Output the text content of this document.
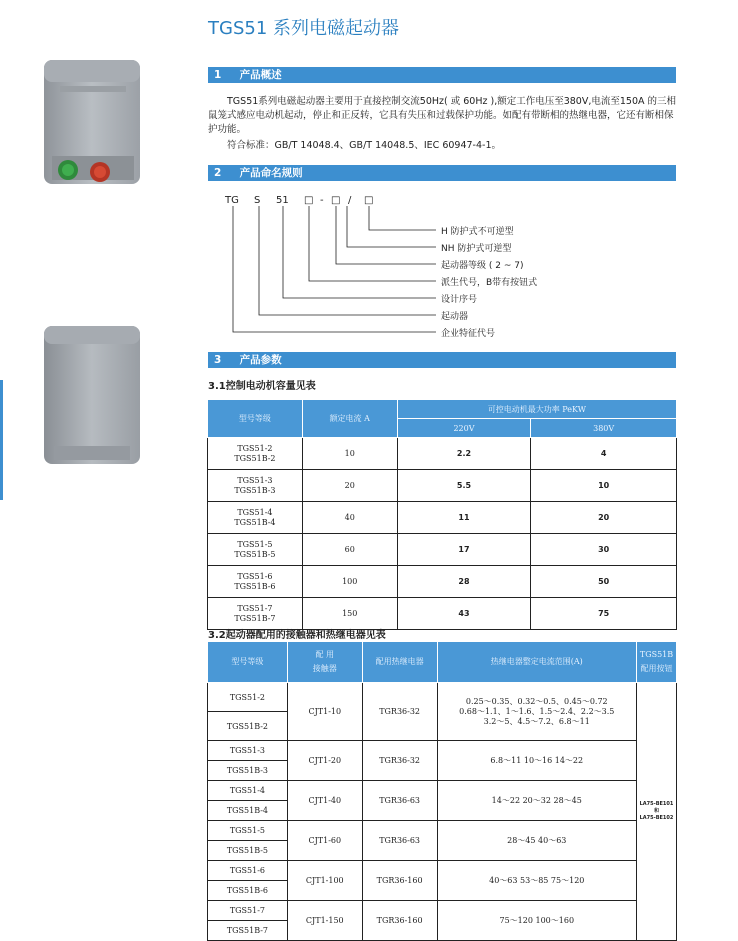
TGS51 系列电磁起动器
1 产品概述
TGS51系列电磁起动器主要用于直接控制交流50Hz( 或 60Hz ),额定工作电压至380V,电流至150A 的三相鼠笼式感应电动机起动，停止和正反转，它具有失压和过载保护功能。如配有带断相的热继电器，它还有断相保护功能。
符合标准：GB/T 14048.4、GB/T 14048.5、IEC 60947-4-1。
2 产品命名规则
TG S 51 □ - □ / □
H 防护式不可逆型
NH 防护式可逆型
起动器等级 ( 2 ~ 7)
派生代号，B带有按钮式
设计序号
起动器
企业特征代号
3 产品参数
3.1控制电动机容量见表
型号等级	额定电流 A	可控电动机最大功率 PeKW	
		220V	380V
TGS51-2
TGS51B-2	10	2.2	4
TGS51-3
TGS51B-3	20	5.5	10
TGS51-4
TGS51B-4	40	11	20
TGS51-5
TGS51B-5	60	17	30
TGS51-6
TGS51B-6	100	28	50
TGS51-7
TGS51B-7	150	43	75
3.2起动器配用的接触器和热继电器见表
型号等级	配 用
接触器	配用热继电器	热继电器整定电流范围(A)	TGS51B
配用按钮
TGS51-2	CJT1-10	TGR36-32	0.25～0.35、0.32～0.5、0.45～0.72
0.68～1.1、1～1.6、1.5～2.4、2.2～3.5
3.2～5、4.5～7.2、6.8～11	LA75-BE101
和
LA75-BE102
TGS51B-2				
TGS51-3	CJT1-20	TGR36-32	6.8～11 10～16 14～22	
TGS51B-3				
TGS51-4	CJT1-40	TGR36-63	14～22 20～32 28～45	
TGS51B-4				
TGS51-5	CJT1-60	TGR36-63	28～45 40～63	
TGS51B-5				
TGS51-6	CJT1-100	TGR36-160	40～63 53～85 75～120	
TGS51B-6				
TGS51-7	CJT1-150	TGR36-160	75～120 100～160	
TGS51B-7				
